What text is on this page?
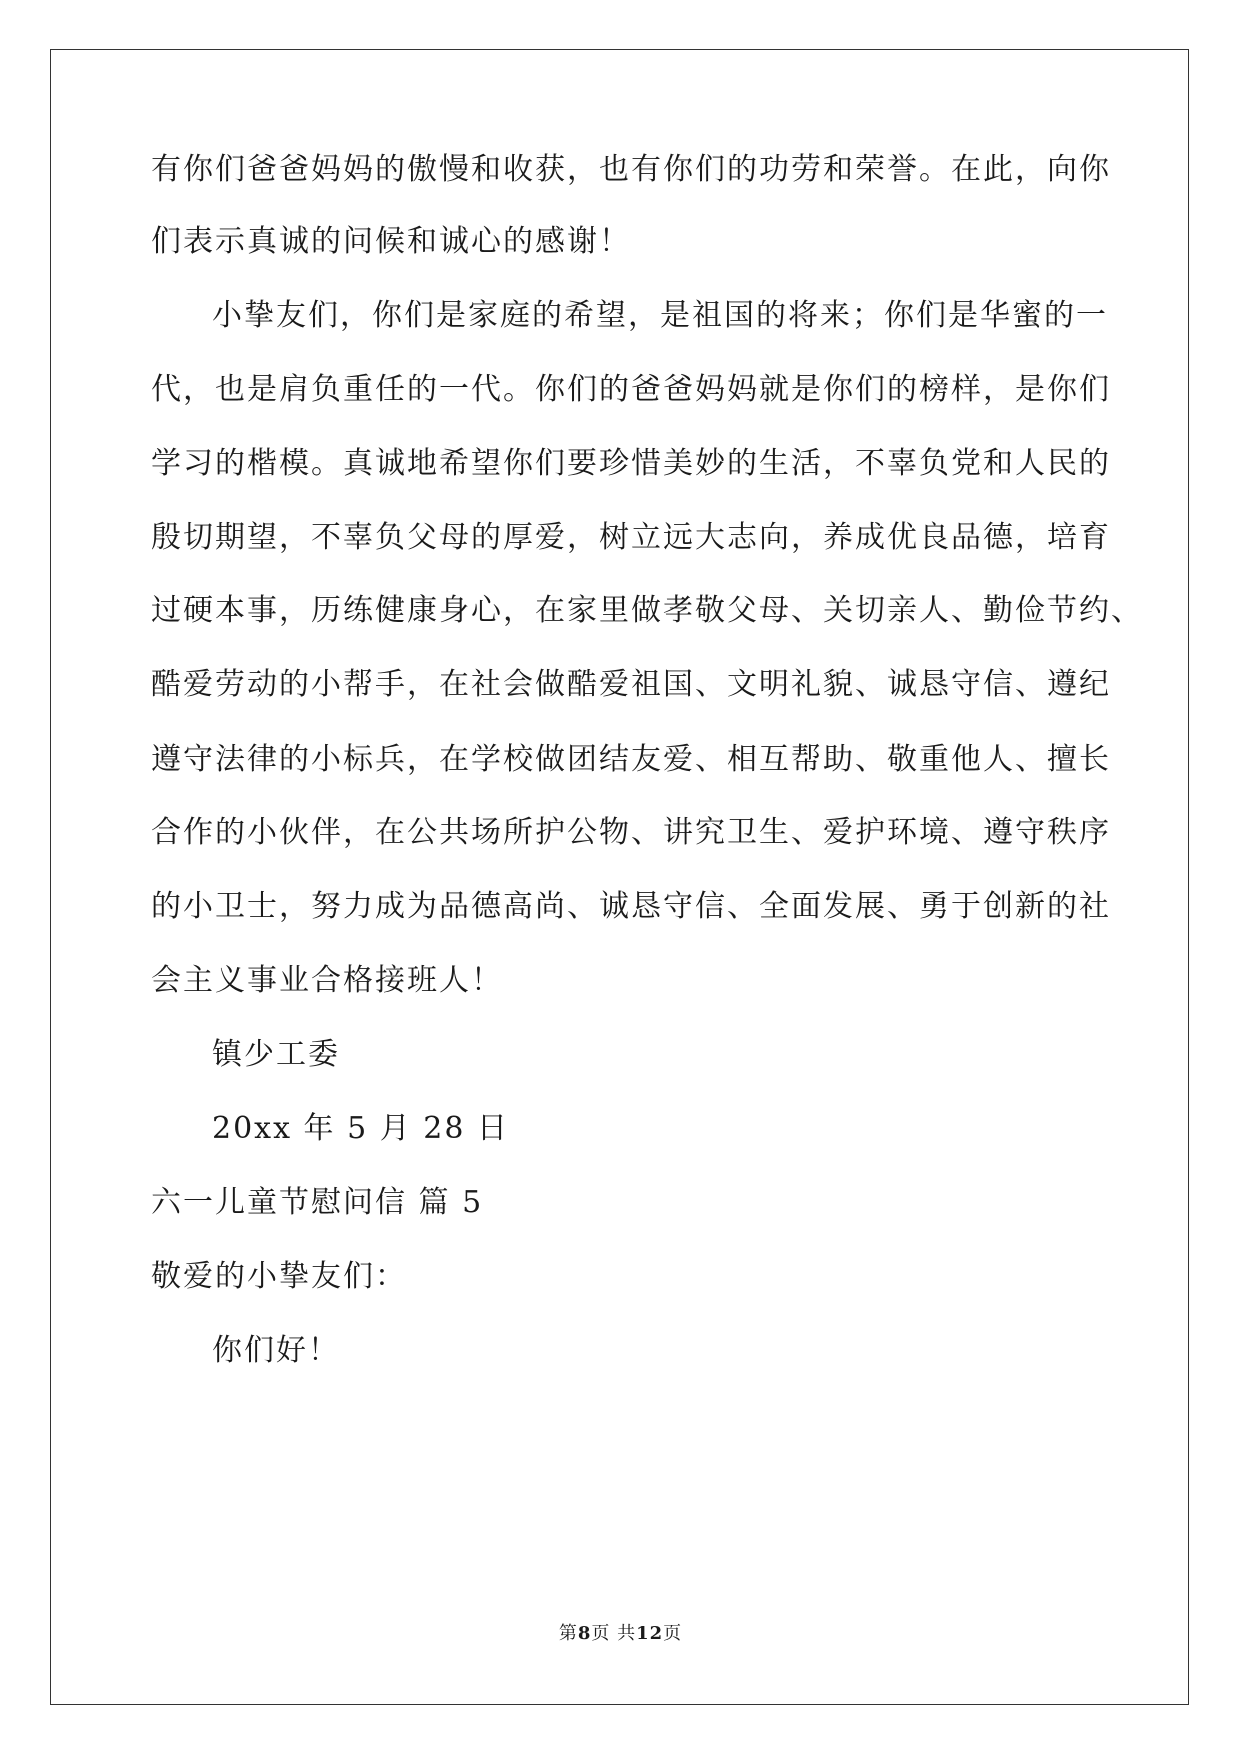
有你们爸爸妈妈的傲慢和收获，也有你们的功劳和荣誉。在此，向你
们表示真诚的问候和诚心的感谢！
小挚友们，你们是家庭的希望，是祖国的将来；你们是华蜜的一
代，也是肩负重任的一代。你们的爸爸妈妈就是你们的榜样，是你们
学习的楷模。真诚地希望你们要珍惜美妙的生活，不辜负党和人民的
殷切期望，不辜负父母的厚爱，树立远大志向，养成优良品德，培育
过硬本事，历练健康身心，在家里做孝敬父母、关切亲人、勤俭节约、
酷爱劳动的小帮手，在社会做酷爱祖国、文明礼貌、诚恳守信、遵纪
遵守法律的小标兵，在学校做团结友爱、相互帮助、敬重他人、擅长
合作的小伙伴，在公共场所护公物、讲究卫生、爱护环境、遵守秩序
的小卫士，努力成为品德高尚、诚恳守信、全面发展、勇于创新的社
会主义事业合格接班人！
镇少工委
20xx 年 5 月 28 日
六一儿童节慰问信 篇 5
敬爱的小挚友们：
你们好！
第8页 共12页
